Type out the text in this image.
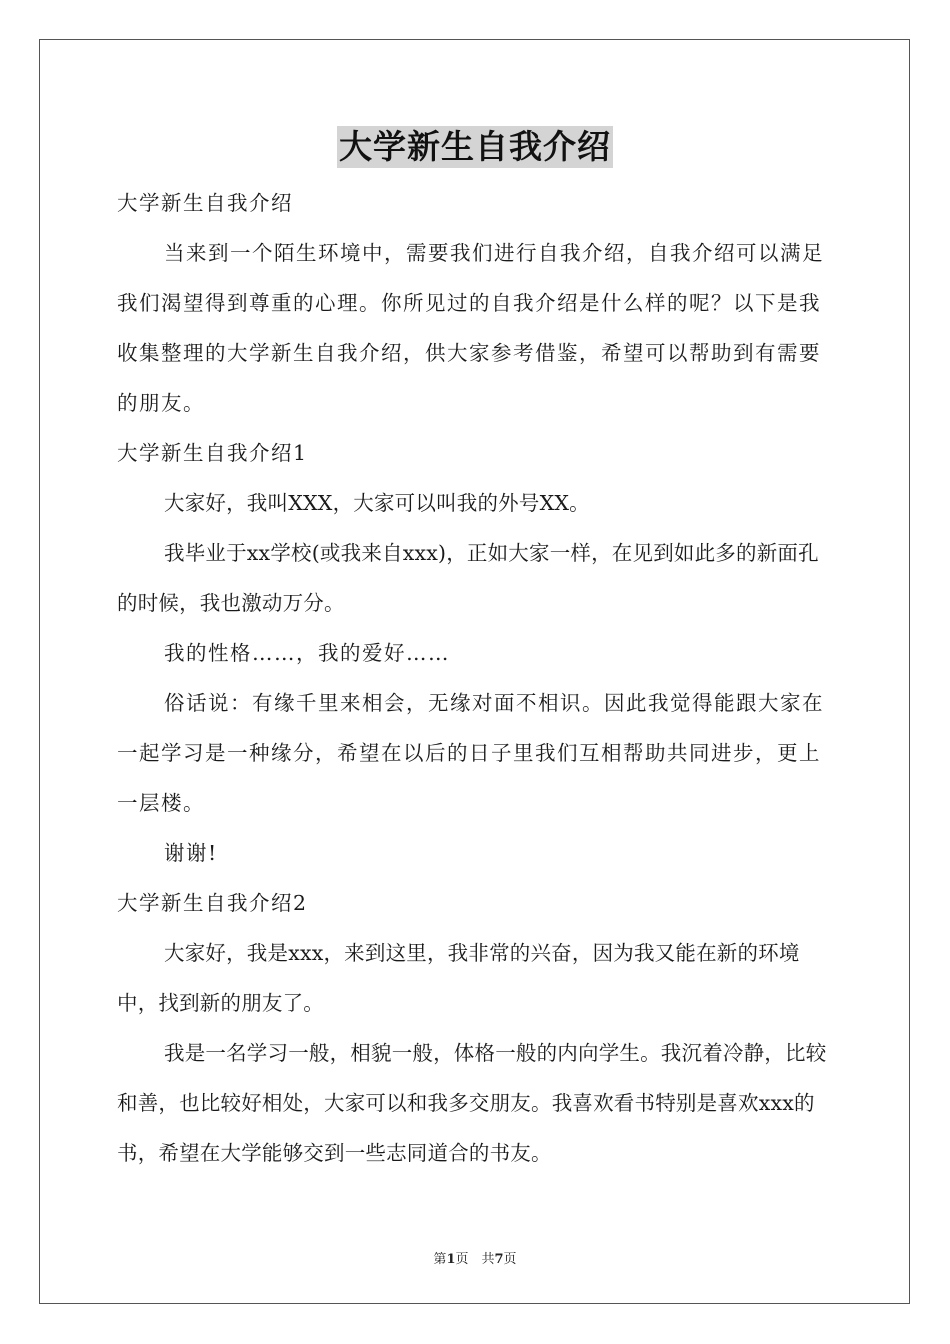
大学新生自我介绍

大学新生自我介绍

当来到一个陌生环境中，需要我们进行自我介绍，自我介绍可以满足我们渴望得到尊重的心理。你所见过的自我介绍是什么样的呢？以下是我收集整理的大学新生自我介绍，供大家参考借鉴，希望可以帮助到有需要的朋友。

大学新生自我介绍1

大家好，我叫XXX，大家可以叫我的外号XX。

我毕业于xx学校(或我来自xxx)，正如大家一样，在见到如此多的新面孔的时候，我也激动万分。

我的性格……，我的爱好……

俗话说：有缘千里来相会，无缘对面不相识。因此我觉得能跟大家在一起学习是一种缘分，希望在以后的日子里我们互相帮助共同进步，更上一层楼。

谢谢!

大学新生自我介绍2

大家好，我是xxx，来到这里，我非常的兴奋，因为我又能在新的环境中，找到新的朋友了。

我是一名学习一般，相貌一般，体格一般的内向学生。我沉着冷静，比较和善，也比较好相处，大家可以和我多交朋友。我喜欢看书特别是喜欢xxx的书，希望在大学能够交到一些志同道合的书友。

第1页　共7页
